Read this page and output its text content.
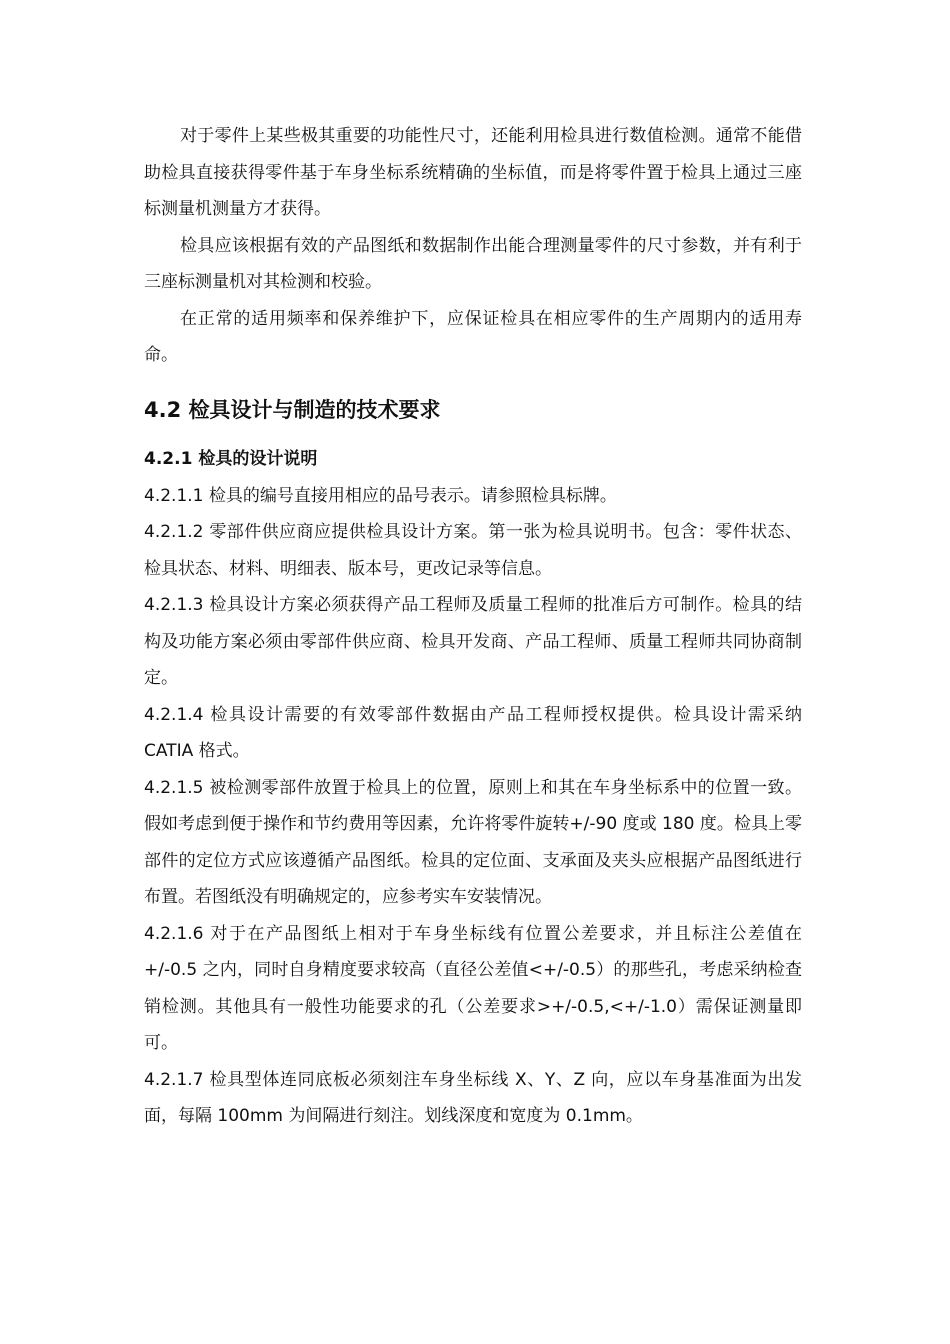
对于零件上某些极其重要的功能性尺寸，还能利用检具进行数值检测。通常不能借助检具直接获得零件基于车身坐标系统精确的坐标值，而是将零件置于检具上通过三座标测量机测量方才获得。

检具应该根据有效的产品图纸和数据制作出能合理测量零件的尺寸参数，并有利于三座标测量机对其检测和校验。

在正常的适用频率和保养维护下，应保证检具在相应零件的生产周期内的适用寿命。

4.2 检具设计与制造的技术要求
4.2.1 检具的设计说明

4.2.1.1 检具的编号直接用相应的品号表示。请参照检具标牌。

4.2.1.2 零部件供应商应提供检具设计方案。第一张为检具说明书。包含：零件状态、检具状态、材料、明细表、版本号，更改记录等信息。

4.2.1.3 检具设计方案必须获得产品工程师及质量工程师的批准后方可制作。检具的结构及功能方案必须由零部件供应商、检具开发商、产品工程师、质量工程师共同协商制定。

4.2.1.4 检具设计需要的有效零部件数据由产品工程师授权提供。检具设计需采纳 CATIA 格式。

4.2.1.5 被检测零部件放置于检具上的位置，原则上和其在车身坐标系中的位置一致。假如考虑到便于操作和节约费用等因素，允许将零件旋转+/-90 度或 180 度。检具上零部件的定位方式应该遵循产品图纸。检具的定位面、支承面及夹头应根据产品图纸进行布置。若图纸没有明确规定的，应参考实车安装情况。

4.2.1.6 对于在产品图纸上相对于车身坐标线有位置公差要求，并且标注公差值在+/-0.5 之内，同时自身精度要求较高（直径公差值<+/-0.5）的那些孔，考虑采纳检查销检测。其他具有一般性功能要求的孔（公差要求>+/-0.5,<+/-1.0）需保证测量即可。

4.2.1.7 检具型体连同底板必须刻注车身坐标线 X、Y、Z 向，应以车身基准面为出发面，每隔 100mm 为间隔进行刻注。划线深度和宽度为 0.1mm。
